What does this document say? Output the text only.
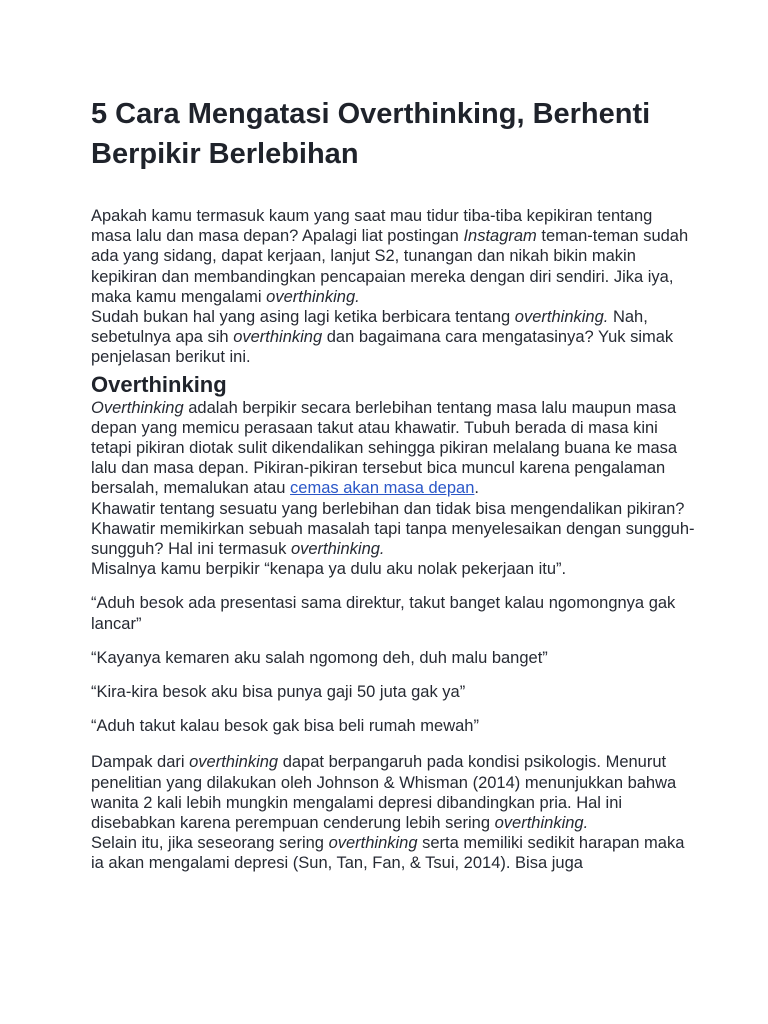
5 Cara Mengatasi Overthinking, Berhenti Berpikir Berlebihan

Apakah kamu termasuk kaum yang saat mau tidur tiba-tiba kepikiran tentang masa lalu dan masa depan? Apalagi liat postingan Instagram teman-teman sudah ada yang sidang, dapat kerjaan, lanjut S2, tunangan dan nikah bikin makin kepikiran dan membandingkan pencapaian mereka dengan diri sendiri. Jika iya, maka kamu mengalami overthinking.

Sudah bukan hal yang asing lagi ketika berbicara tentang overthinking. Nah, sebetulnya apa sih overthinking dan bagaimana cara mengatasinya? Yuk simak penjelasan berikut ini.

Overthinking

Overthinking adalah berpikir secara berlebihan tentang masa lalu maupun masa depan yang memicu perasaan takut atau khawatir. Tubuh berada di masa kini tetapi pikiran diotak sulit dikendalikan sehingga pikiran melalang buana ke masa lalu dan masa depan. Pikiran-pikiran tersebut bica muncul karena pengalaman bersalah, memalukan atau cemas akan masa depan.

Khawatir tentang sesuatu yang berlebihan dan tidak bisa mengendalikan pikiran? Khawatir memikirkan sebuah masalah tapi tanpa menyelesaikan dengan sungguh-sungguh? Hal ini termasuk overthinking.

Misalnya kamu berpikir “kenapa ya dulu aku nolak pekerjaan itu”.

“Aduh besok ada presentasi sama direktur, takut banget kalau ngomongnya gak lancar”

“Kayanya kemaren aku salah ngomong deh, duh malu banget”

“Kira-kira besok aku bisa punya gaji 50 juta gak ya”

“Aduh takut kalau besok gak bisa beli rumah mewah”

Dampak dari overthinking dapat berpangaruh pada kondisi psikologis. Menurut penelitian yang dilakukan oleh Johnson & Whisman (2014) menunjukkan bahwa wanita 2 kali lebih mungkin mengalami depresi dibandingkan pria. Hal ini disebabkan karena perempuan cenderung lebih sering overthinking.

Selain itu, jika seseorang sering overthinking serta memiliki sedikit harapan maka ia akan mengalami depresi (Sun, Tan, Fan, & Tsui, 2014). Bisa juga
